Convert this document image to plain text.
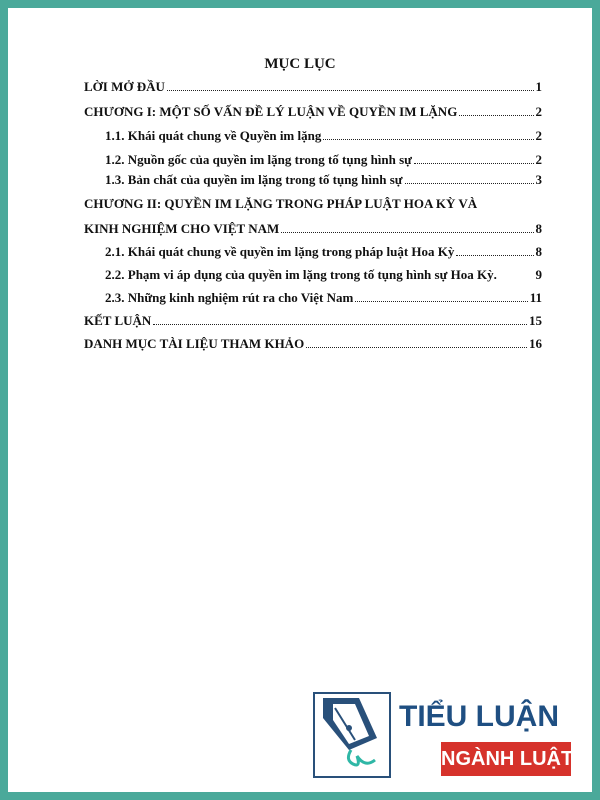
MỤC LỤC
LỜI MỞ ĐẦU	1
CHƯƠNG I: MỘT SỐ VẤN ĐỀ LÝ LUẬN VỀ QUYỀN IM LẶNG	2
1.1. Khái quát chung về Quyền im lặng	2
1.2. Nguồn gốc của quyền im lặng trong tố tụng hình sự	2
1.3. Bản chất của quyền im lặng trong tố tụng hình sự	3
CHƯƠNG II: QUYỀN IM LẶNG TRONG PHÁP LUẬT HOA KỲ VÀ
KINH NGHIỆM CHO VIỆT NAM	8
2.1. Khái quát chung về quyền im lặng trong pháp luật Hoa Kỳ	8
2.2. Phạm vi áp dụng của quyền im lặng trong tố tụng hình sự Hoa Kỳ.	9
2.3. Những kinh nghiệm rút ra cho Việt Nam	11
KẾT LUẬN	15
DANH MỤC TÀI LIỆU THAM KHẢO	16
TIỂU LUẬN
NGÀNH LUẬT
